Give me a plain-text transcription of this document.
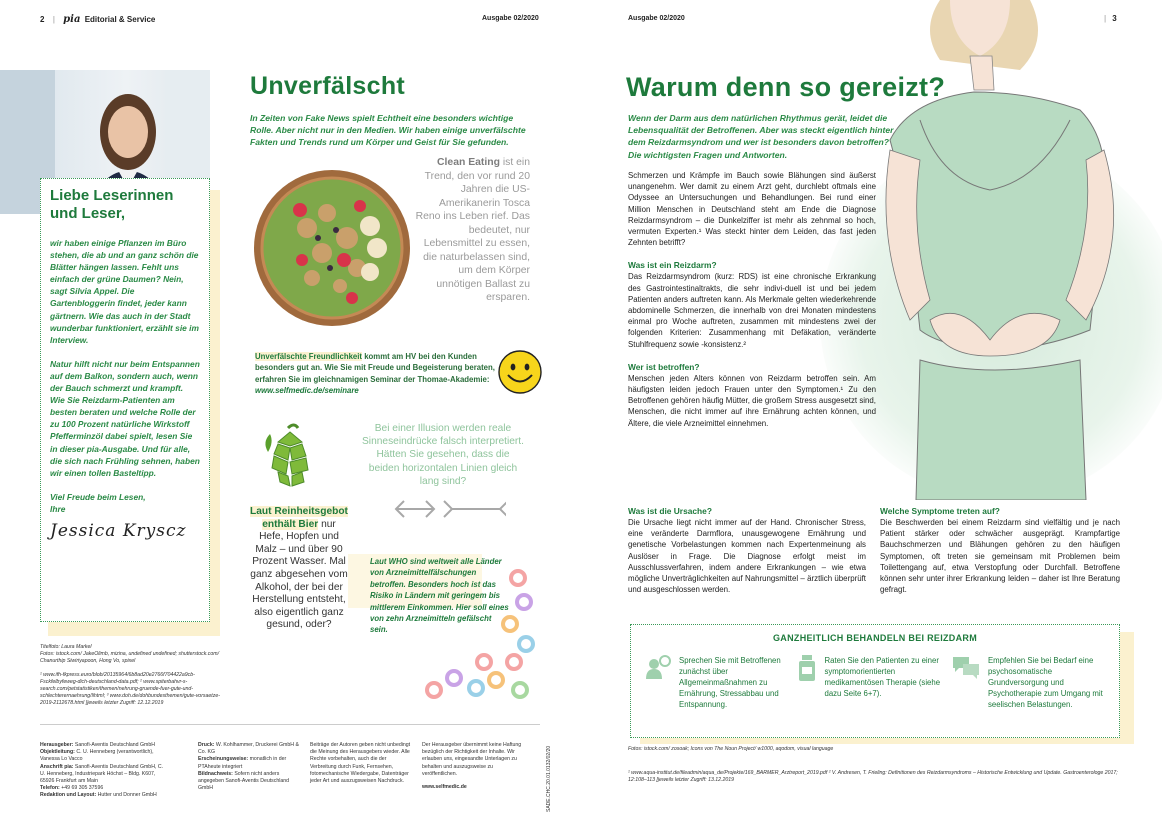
2 | pia Editorial & Service	Ausgabe 02/2020
Liebe Leserinnen und Leser,

wir haben einige Pflanzen im Büro stehen, die ab und an ganz schön die Blätter hängen lassen. Fehlt uns einfach der grüne Daumen? Nein, sagt Silvia Appel. Die Gartenbloggerin findet, jeder kann gärtnern. Wie das auch in der Stadt wunderbar funktioniert, erzählt sie im Interview.

Natur hilft nicht nur beim Entspannen auf dem Balkon, sondern auch, wenn der Bauch schmerzt und krampft. Wie Sie Reizdarm-Patienten am besten beraten und welche Rolle der zu 100 Prozent natürliche Wirkstoff Pfefferminzöl dabei spielt, lesen Sie in dieser pia-Ausgabe. Und für alle, die sich nach Frühling sehnen, haben wir einen tollen Basteltipp.

Viel Freude beim Lesen, Ihre

Jessica Kryscz
Titelfoto: Laura Markel
Fotos: istock.com/ JakeOlimb, mizina, undefined undefined; shutterstock.com/ Chanurthip Siwiriyapoon, Hong Vo, spixel
¹ www.ifh-fkpress.euro/blob/20135964/6b8ad20e2766f704422a9cb-Fsckfelbyfeweg-dich-deutschland-data.pdf; ² www.spiterbahvr-s-search.com/petstatistiken/themen/nehrung-gruende-fuer-gute-und-schlechterernaehrung/lihtml; ³ www.doh.de/dohbundesthemen/gute-vorsaetze-2019-2112678.html [jeweils letzter Zugriff: 12.12.2019
Unverfälscht

In Zeiten von Fake News spielt Echtheit eine besonders wichtige Rolle. Aber nicht nur in den Medien. Wir haben einige unverfälschte Fakten und Trends rund um Körper und Geist für Sie gefunden.

Clean Eating ist ein Trend, den vor rund 20 Jahren die US-Amerikanerin Tosca Reno ins Leben rief. Das bedeutet, nur Lebensmittel zu essen, die naturbelassen sind, um dem Körper unnötigen Ballast zu ersparen.

Unverfälschte Freundlichkeit kommt am HV bei den Kunden besonders gut an. Wie Sie mit Freude und Begeisterung beraten, erfahren Sie im gleichnamigen Seminar der Thomae-Akademie: www.selfmedic.de/seminare

Laut Reinheitsgebot enthält Bier nur Hefe, Hopfen und Malz – und über 90 Prozent Wasser. Mal ganz abgesehen vom Alkohol, der bei der Herstellung entsteht, also eigentlich ganz gesund, oder?

Bei einer Illusion werden reale Sinneseindrücke falsch interpretiert. Hätten Sie gesehen, dass die beiden horizontalen Linien gleich lang sind?

Laut WHO sind weltweit alle Länder von Arzneimittelfälschungen betroffen. Besonders hoch ist das Risiko in Ländern mit geringem bis mittlerem Einkommen. Hier soll eines von zehn Arzneimitteln gefälscht sein.

Herausgeber: Sanofi-Aventis Deutschland GmbH
Objektleitung: C. U. Henneberg (verantwortlich), Vanessa Lo Vacco
Anschrift pia: Sanofi-Aventis Deutschland GmbH, C. U. Henneberg, Industriepark Höchst – Bldg. K607, 65926 Frankfurt am Main
Telefon: +49 69 305 37596
Redaktion und Layout: Hutter und Donner GmbH
Druck: W. Kohlhammer, Druckerei GmbH & Co. KG
Erscheinungsweise: monatlich in der PTAheute integriert
Bildnachweis: Sofern nicht anders angegeben Sanofi-Aventis Deutschland GmbH
Beiträge der Autoren geben nicht unbedingt die Meinung des Herausgebers wieder. Alle Rechte vorbehalten, auch die der Verbreitung durch Funk, Fernsehen, fotomechanische Wiedergabe, Datenträger jeder Art und auszugsweisen Nachdruck.
Der Herausgeber übernimmt keine Haftung bezüglich der Richtigkeit der Inhalte. Wir erlauben uns, eingesandte Unterlagen zu behalten und auszugsweise zu veröffentlichen.
www.selfmedic.de	SADE.CHC.20.01.0132/02/20
Ausgabe 02/2020	| 3
Warum denn so gereizt?

Wenn der Darm aus dem natürlichen Rhythmus gerät, leidet die Lebensqualität der Betroffenen. Aber was steckt eigentlich hinter dem Reizdarmsyndrom und wer ist besonders davon betroffen? Die wichtigsten Fragen und Antworten.

Schmerzen und Krämpfe im Bauch sowie Blähungen sind äußerst unangenehm. Wer damit zu einem Arzt geht, durchlebt oftmals eine Odyssee an Untersuchungen und Behandlungen. Bei rund einer Million Menschen in Deutschland steht am Ende die Diagnose Reizdarmsyndrom – die Dunkelziffer ist mehr als zehnmal so hoch, vermuten Experten.¹ Was steckt hinter dem Leiden, das fast jeden Zehnten betrifft?

Was ist ein Reizdarm?

Das Reizdarmsyndrom (kurz: RDS) ist eine chronische Erkrankung des Gastrointestinaltrakts, die sehr indivi-duell ist und bei jedem Patienten anders auftreten kann. Als Merkmale gelten wiederkehrende abdominelle Schmerzen, die innerhalb von drei Monaten mindestens einmal pro Woche auftreten, zusammen mit mindestens zwei der folgenden Kriterien: Zusammenhang mit Defäkation, veränderte Stuhlfrequenz sowie -konsistenz.²

Wer ist betroffen?

Menschen jeden Alters können von Reizdarm betroffen sein. Am häufigsten leiden jedoch Frauen unter den Symptomen.¹ Zu den Betroffenen gehören häufig Mütter, die großem Stress ausgesetzt sind, Menschen, die nicht immer auf ihre Ernährung achten können, und Ältere, die viele Arzneimittel einnehmen.

Was ist die Ursache?

Die Ursache liegt nicht immer auf der Hand. Chronischer Stress, eine veränderte Darmflora, unausgewogene Ernährung und genetische Vorbelastungen kommen nach Expertenmeinung als Auslöser in Frage. Die Diagnose erfolgt meist im Ausschlussverfahren, indem andere Erkrankungen – wie etwa mögliche Unverträglichkeiten auf Nahrungsmittel – ärztlich überprüft und ausgeschlossen werden.

Welche Symptome treten auf?

Die Beschwerden bei einem Reizdarm sind vielfältig und je nach Patient stärker oder schwächer ausgeprägt. Krampfartige Bauchschmerzen und Blähungen gehören zu den häufigen Symptomen, oft treten sie gemeinsam mit Problemen beim Toilettengang auf, etwa Verstopfung oder Durchfall. Betroffene können sehr unter ihrer Erkrankung leiden – daher ist Ihre Beratung gefragt.

GANZHEITLICH BEHANDELN BEI REIZDARM

Sprechen Sie mit Betroffenen zunächst über Allgemeinmaßnahmen zu Ernährung, Stressabbau und Entspannung.

Raten Sie den Patienten zu einer symptomorientierten medikamentösen Therapie (siehe dazu Seite 6+7).

Empfehlen Sie bei Bedarf eine psychosomatische Grundversorgung und Psychotherapie zum Umgang mit seelischen Belastungen.

Fotos: istock.com/ zosoak; Icons von The Noun Project/ w1000, aqodom, visual language
¹ www.aqua-institut.de/fileadmin/aqua_de/Projekte/169_BARMER_Arztreport_2019.pdf ² V. Andresen, T. Frieling: Definitionen des Reizdarmsyndroms – Historische Entwicklung und Update. Gastroenterologe 2017; 12:108–113 [jeweils letzter Zugriff: 13.12.2019
